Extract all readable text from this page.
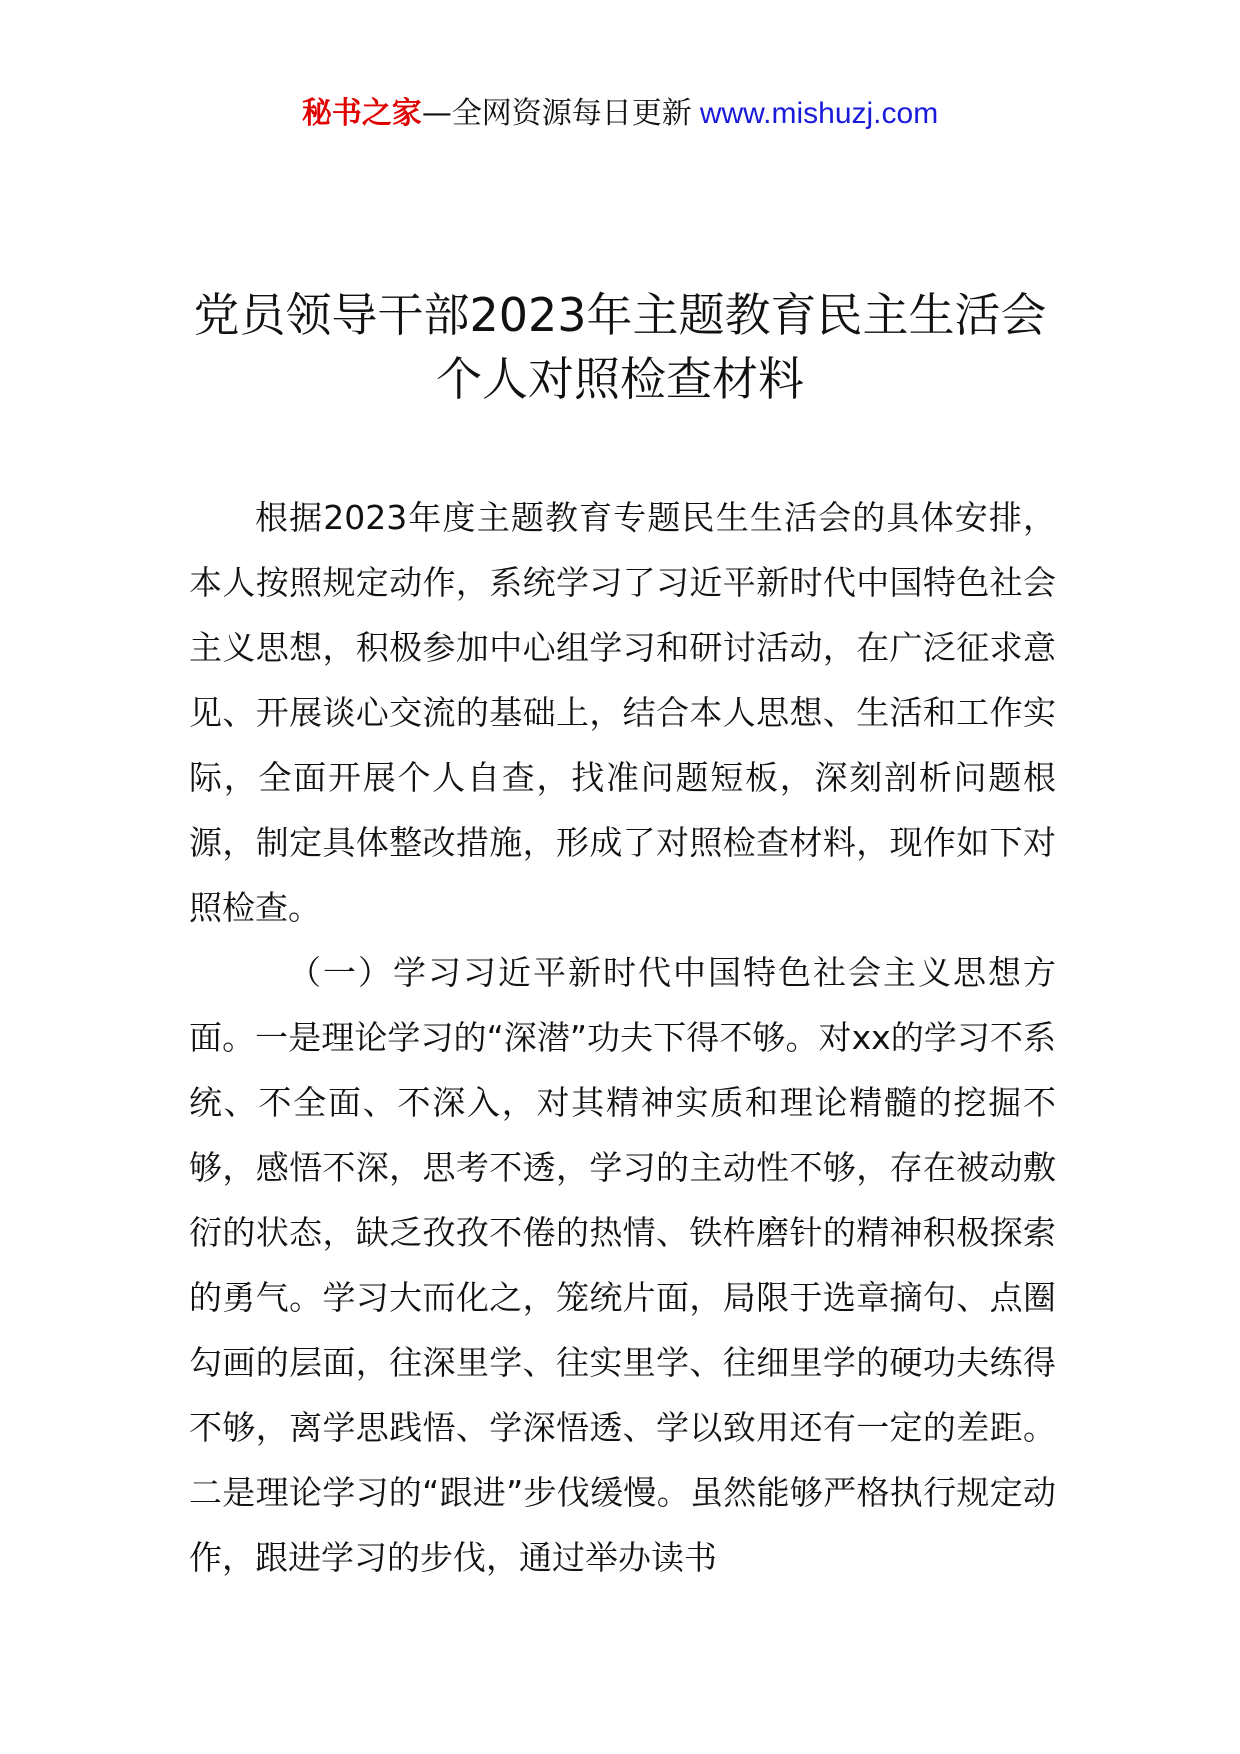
秘书之家—全网资源每日更新 www.mishuzj.com
党员领导干部2023年主题教育民主生活会
个人对照检查材料

根据2023年度主题教育专题民生生活会的具体安排，本人按照规定动作，系统学习了习近平新时代中国特色社会主义思想，积极参加中心组学习和研讨活动，在广泛征求意见、开展谈心交流的基础上，结合本人思想、生活和工作实际，全面开展个人自查，找准问题短板，深刻剖析问题根源，制定具体整改措施，形成了对照检查材料，现作如下对照检查。

（一）学习习近平新时代中国特色社会主义思想方面。一是理论学习的“深潜”功夫下得不够。对xx的学习不系统、不全面、不深入，对其精神实质和理论精髓的挖掘不够，感悟不深，思考不透，学习的主动性不够，存在被动敷衍的状态，缺乏孜孜不倦的热情、铁杵磨针的精神积极探索的勇气。学习大而化之，笼统片面，局限于选章摘句、点圈勾画的层面，往深里学、往实里学、往细里学的硬功夫练得不够，离学思践悟、学深悟透、学以致用还有一定的差距。二是理论学习的“跟进”步伐缓慢。虽然能够严格执行规定动作，跟进学习的步伐，通过举办读书
